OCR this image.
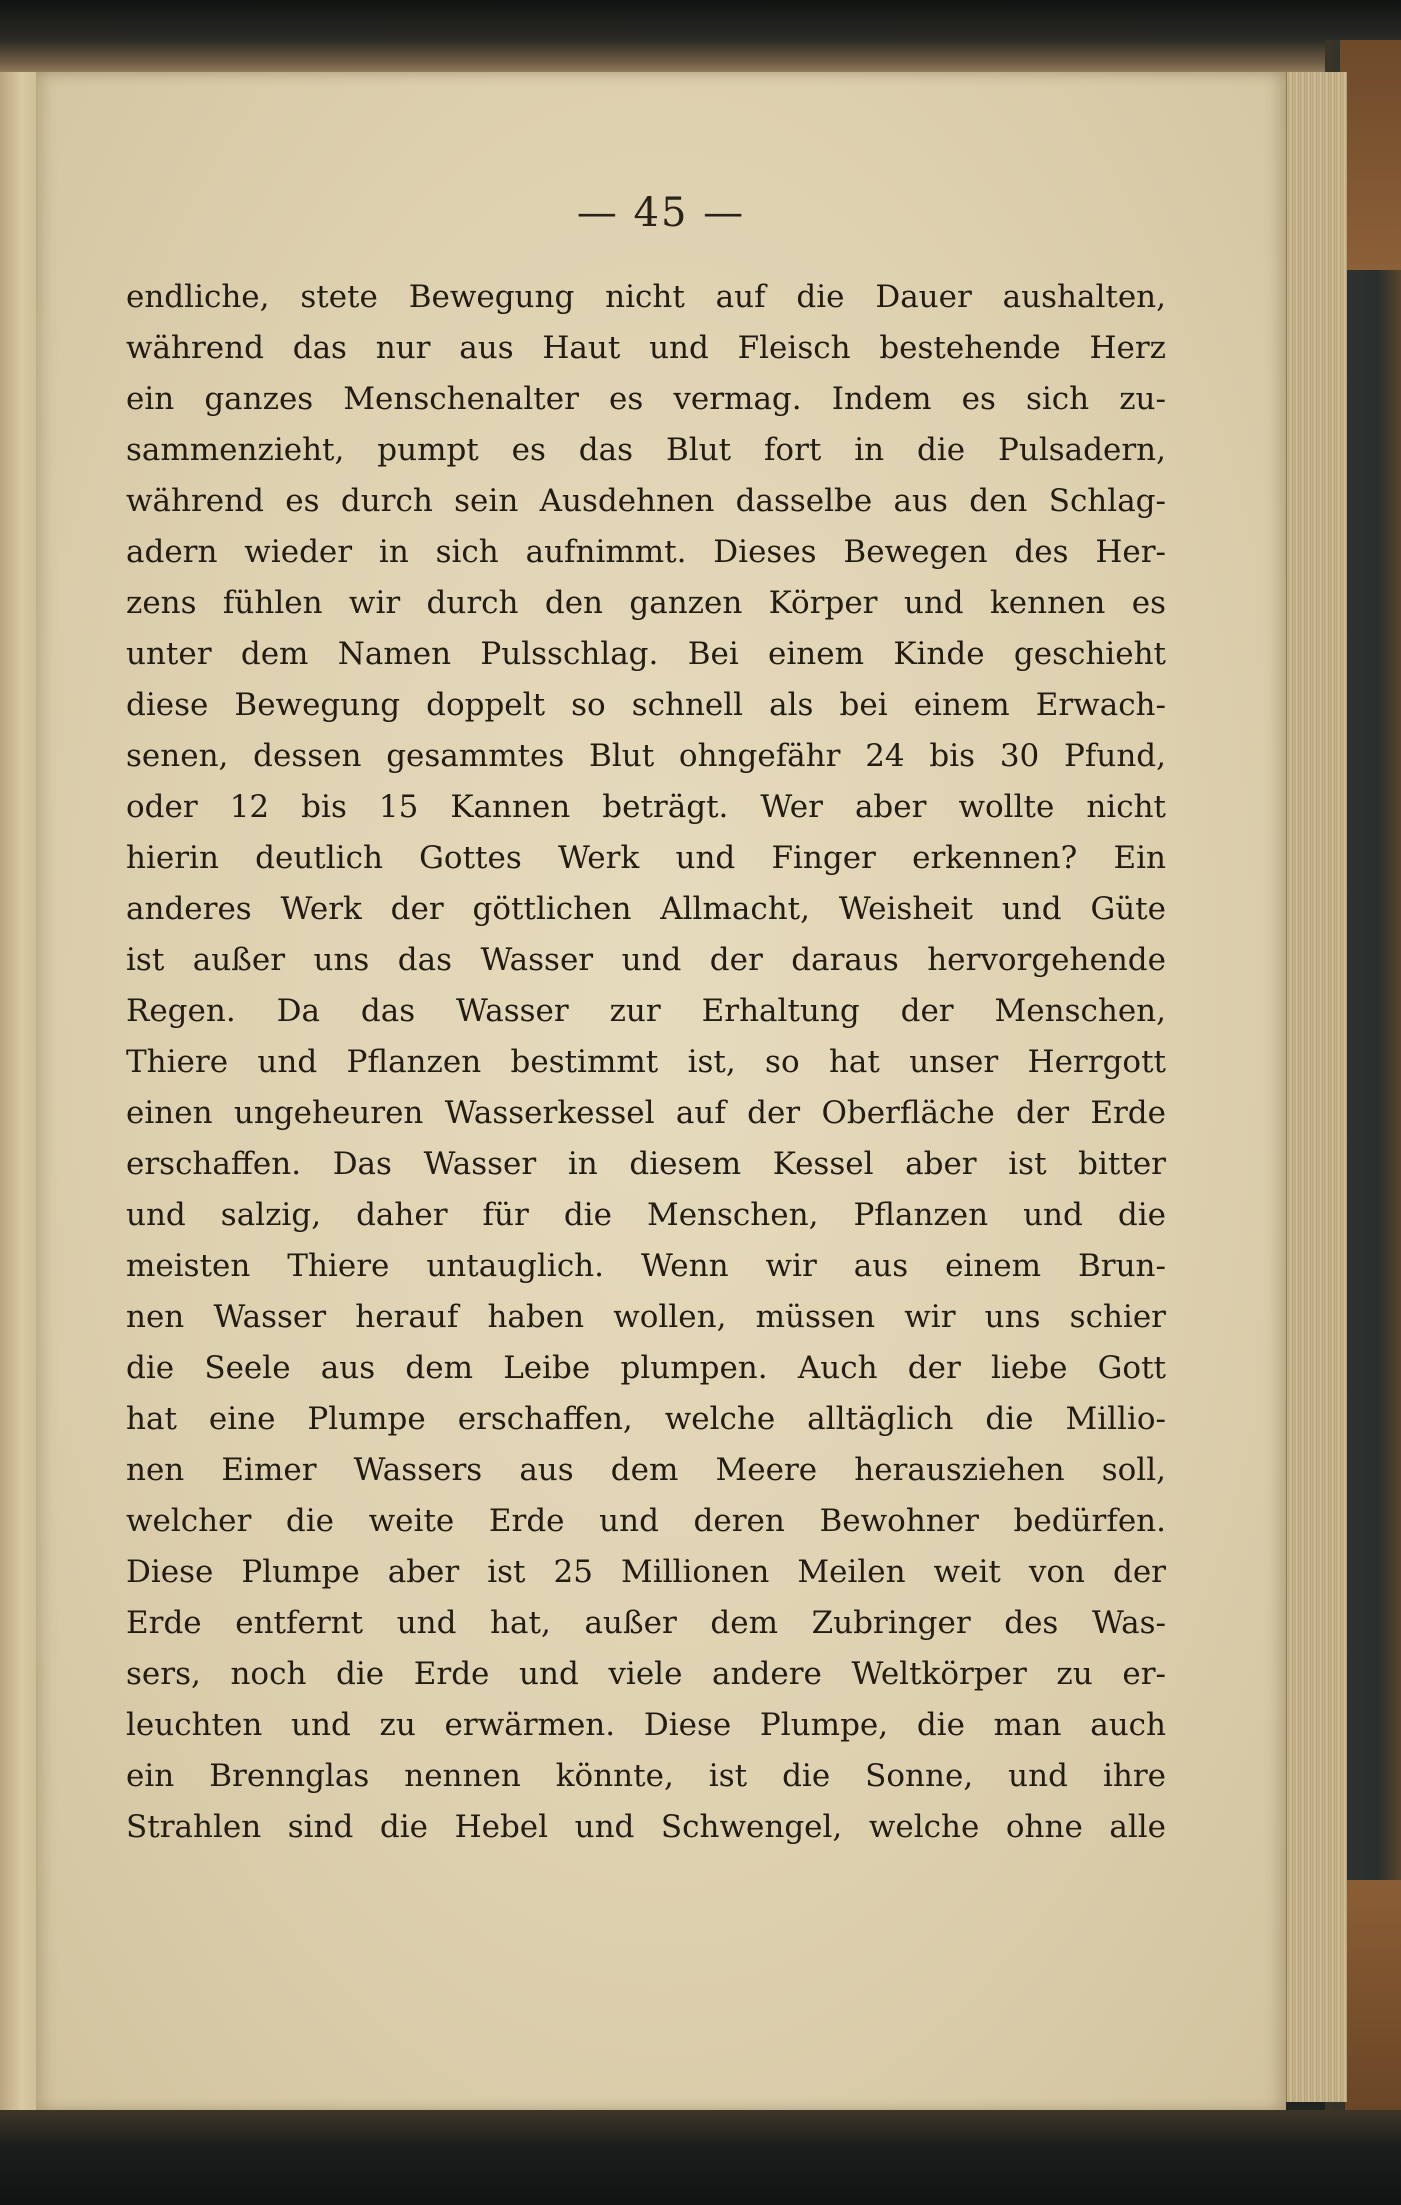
— 45 —
endliche, stete Bewegung nicht auf die Dauer aushalten,
während das nur aus Haut und Fleisch bestehende Herz
ein ganzes Menschenalter es vermag. Indem es sich zu-
sammenzieht, pumpt es das Blut fort in die Pulsadern,
während es durch sein Ausdehnen dasselbe aus den Schlag-
adern wieder in sich aufnimmt. Dieses Bewegen des Her-
zens fühlen wir durch den ganzen Körper und kennen es
unter dem Namen Pulsschlag. Bei einem Kinde geschieht
diese Bewegung doppelt so schnell als bei einem Erwach-
senen, dessen gesammtes Blut ohngefähr 24 bis 30 Pfund,
oder 12 bis 15 Kannen beträgt. Wer aber wollte nicht
hierin deutlich Gottes Werk und Finger erkennen? Ein
anderes Werk der göttlichen Allmacht, Weisheit und Güte
ist außer uns das Wasser und der daraus hervorgehende
Regen. Da das Wasser zur Erhaltung der Menschen,
Thiere und Pflanzen bestimmt ist, so hat unser Herrgott
einen ungeheuren Wasserkessel auf der Oberfläche der Erde
erschaffen. Das Wasser in diesem Kessel aber ist bitter
und salzig, daher für die Menschen, Pflanzen und die
meisten Thiere untauglich. Wenn wir aus einem Brun-
nen Wasser herauf haben wollen, müssen wir uns schier
die Seele aus dem Leibe plumpen. Auch der liebe Gott
hat eine Plumpe erschaffen, welche alltäglich die Millio-
nen Eimer Wassers aus dem Meere herausziehen soll,
welcher die weite Erde und deren Bewohner bedürfen.
Diese Plumpe aber ist 25 Millionen Meilen weit von der
Erde entfernt und hat, außer dem Zubringer des Was-
sers, noch die Erde und viele andere Weltkörper zu er-
leuchten und zu erwärmen. Diese Plumpe, die man auch
ein Brennglas nennen könnte, ist die Sonne, und ihre
Strahlen sind die Hebel und Schwengel, welche ohne alle
